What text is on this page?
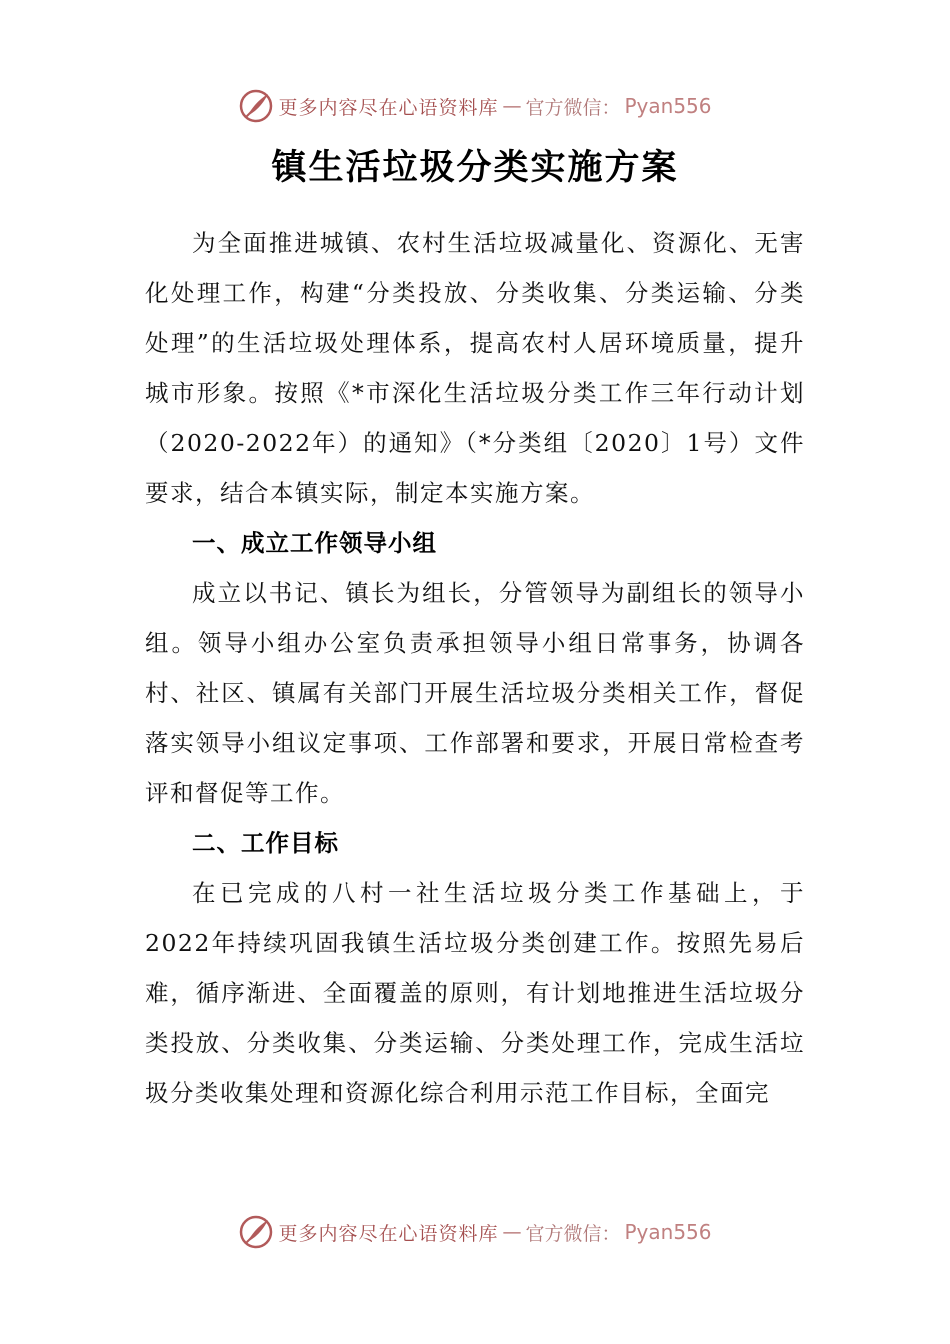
更多内容尽在心语资料库 — 官方微信： Pyan556
镇生活垃圾分类实施方案

为全面推进城镇、农村生活垃圾减量化、资源化、无害化处理工作，构建“分类投放、分类收集、分类运输、分类处理”的生活垃圾处理体系，提高农村人居环境质量，提升城市形象。按照《*市深化生活垃圾分类工作三年行动计划（2020-2022年）的通知》（*分类组〔2020〕1号）文件要求，结合本镇实际，制定本实施方案。

一、成立工作领导小组

成立以书记、镇长为组长，分管领导为副组长的领导小组。领导小组办公室负责承担领导小组日常事务，协调各村、社区、镇属有关部门开展生活垃圾分类相关工作，督促落实领导小组议定事项、工作部署和要求，开展日常检查考评和督促等工作。

二、工作目标

在已完成的八村一社生活垃圾分类工作基础上，于2022年持续巩固我镇生活垃圾分类创建工作。按照先易后难，循序渐进、全面覆盖的原则，有计划地推进生活垃圾分类投放、分类收集、分类运输、分类处理工作，完成生活垃圾分类收集处理和资源化综合利用示范工作目标，全面完

更多内容尽在心语资料库 — 官方微信： Pyan556
